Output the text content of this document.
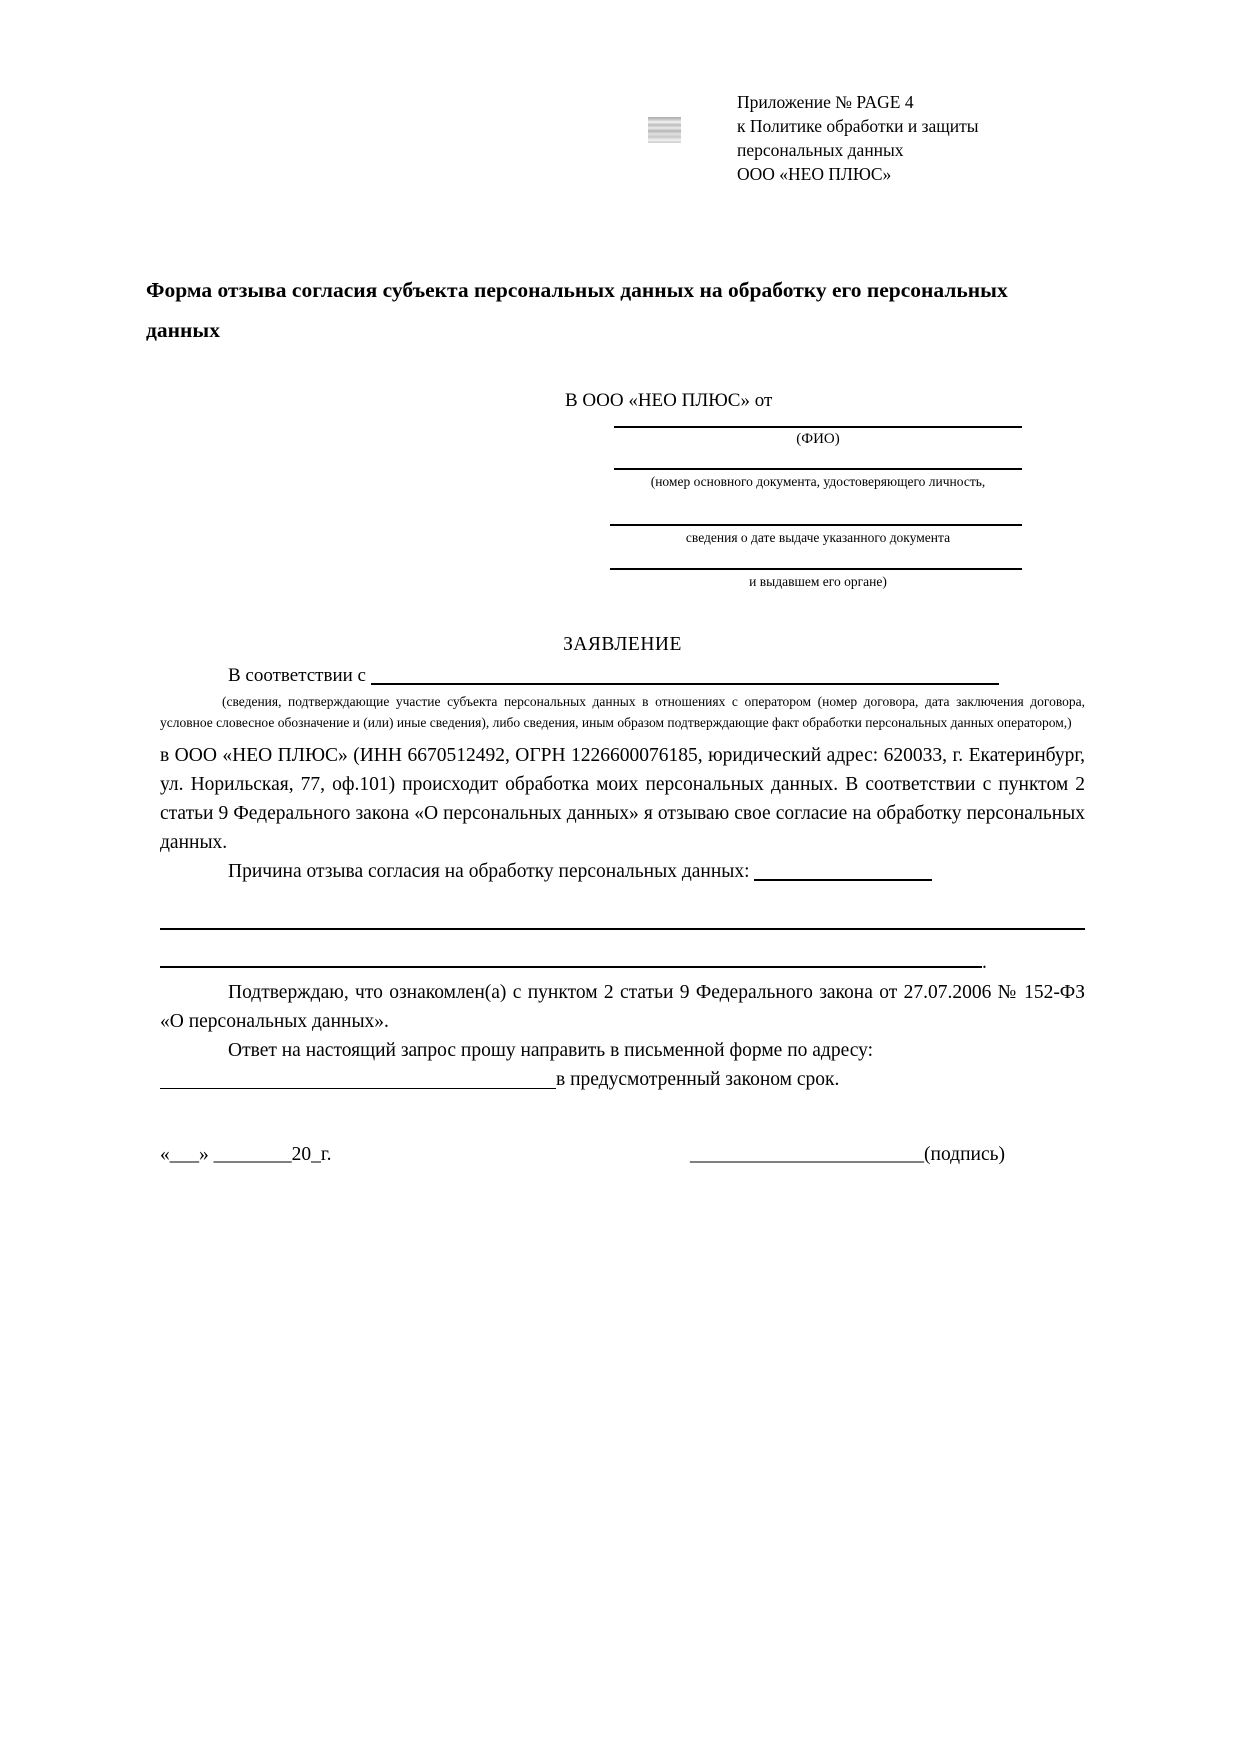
Приложение № PAGE 4
к Политике обработки и защиты
персональных данных
ООО «НЕО ПЛЮС»
Форма отзыва согласия субъекта персональных данных на обработку его персональных данных
В ООО «НЕО ПЛЮС» от
(ФИО)
(номер основного документа, удостоверяющего личность,
сведения о дате выдаче указанного документа
и выдавшем его органе)
ЗАЯВЛЕНИЕ
В соответствии с
(сведения, подтверждающие участие субъекта персональных данных в отношениях с оператором (номер договора, дата заключения договора, условное словесное обозначение и (или) иные сведения), либо сведения, иным образом подтверждающие факт обработки персональных данных оператором,)
в ООО «НЕО ПЛЮС» (ИНН 6670512492, ОГРН 1226600076185, юридический адрес: 620033, г. Екатеринбург, ул. Норильская, 77, оф.101) происходит обработка моих персональных данных. В соответствии с пунктом 2 статьи 9 Федерального закона «О персональных данных» я отзываю свое согласие на обработку персональных данных.
Причина отзыва согласия на обработку персональных данных:
.
Подтверждаю, что ознакомлен(а) с пунктом 2 статьи 9 Федерального закона от 27.07.2006 № 152-ФЗ «О персональных данных».
Ответ на настоящий запрос прошу направить в письменной форме по адресу:
в предусмотренный законом срок.
«___» ________20_г.	________________________(подпись)
